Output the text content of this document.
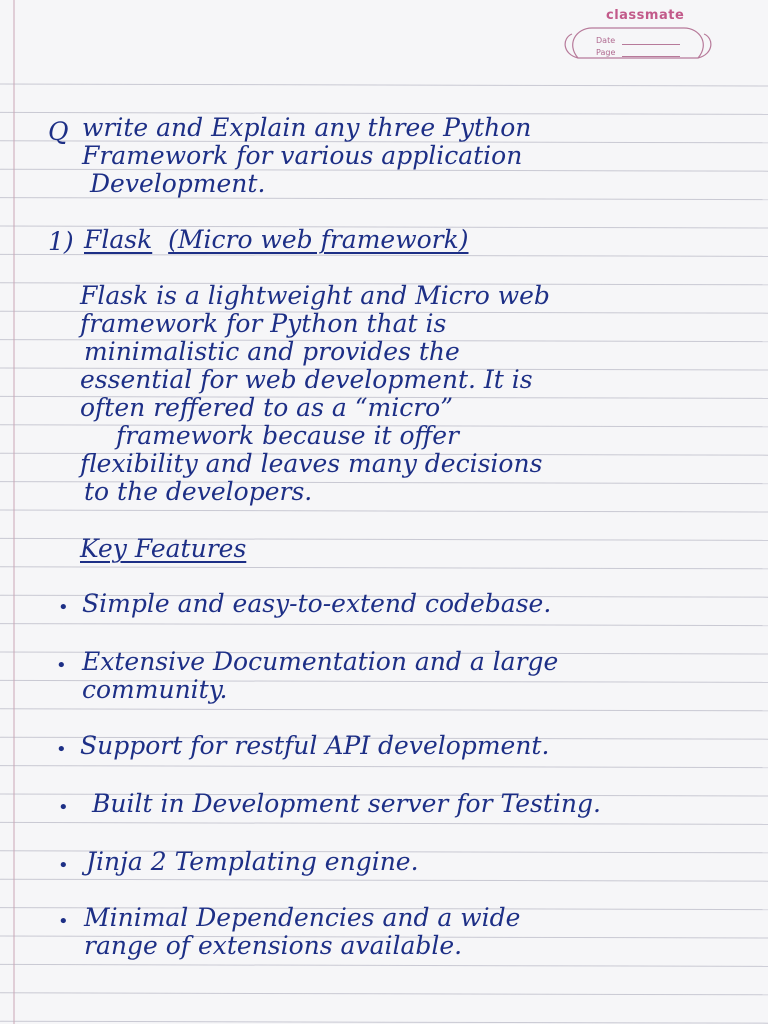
classmate
Date
Page

Q write and Explain any three Python

Framework for various application

Development.

1) Flask (Micro web framework)

Flask is a lightweight and Micro web

framework for Python that is

minimalistic and provides the

essential for web development. It is

often reffered to as a “micro”

framework because it offer

flexibility and leaves many decisions

to the developers.

Key Features

• Simple and easy-to-extend codebase.

• Extensive Documentation and a large

community.

• Support for restful API development.

• Built in Development server for Testing.

• Jinja 2 Templating engine.

• Minimal Dependencies and a wide

range of extensions available.
